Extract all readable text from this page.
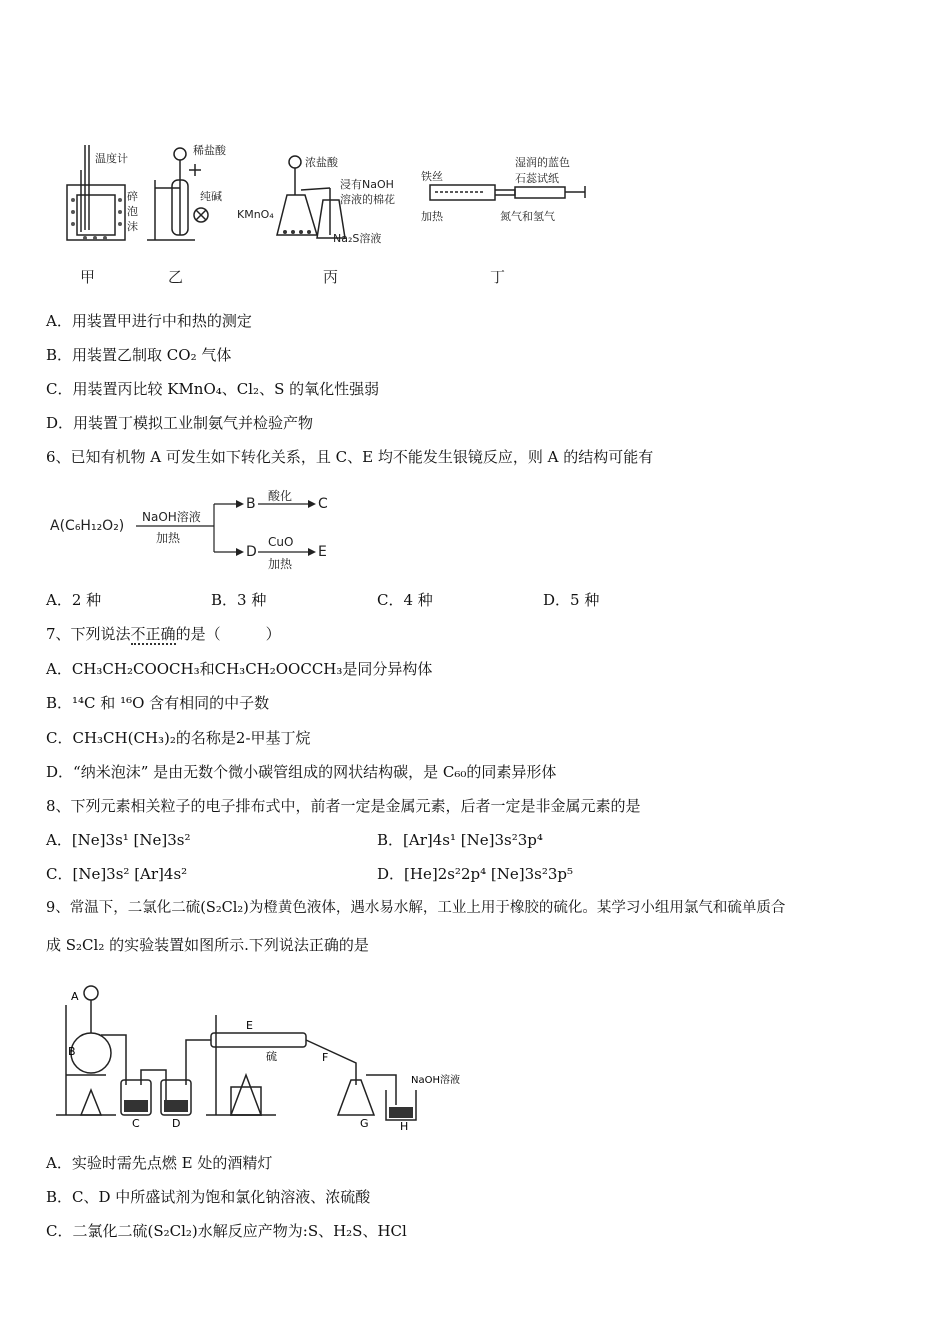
温度计
碎
泡
沫
稀盐酸
纯碱
浓盐酸
浸有NaOH
溶液的棉花
KMnO₄
Na₂S溶液
铁丝
加热
湿润的蓝色
石蕊试纸
氮气和氢气
甲	乙	丙	丁
A．用装置甲进行中和热的测定
B．用装置乙制取 CO₂ 气体
C．用装置丙比较 KMnO₄、Cl₂、S 的氧化性强弱
D．用装置丁模拟工业制氨气并检验产物
6、已知有机物 A 可发生如下转化关系，且 C、E 均不能发生银镜反应，则 A 的结构可能有
A(C₆H₁₂O₂)
NaOH溶液
加热
B 酸化 C
D
CuO
加热
E
A．2 种	B．3 种	C．4 种	D．5 种
7、下列说法不正确的是（　　　）
A．CH₃CH₂COOCH₃和CH₃CH₂OOCCH₃是同分异构体
B．¹⁴C 和 ¹⁶O 含有相同的中子数
C．CH₃CH(CH₃)₂的名称是2-甲基丁烷
D．“纳米泡沫” 是由无数个微小碳管组成的网状结构碳，是 C₆₀的同素异形体
8、下列元素相关粒子的电子排布式中，前者一定是金属元素，后者一定是非金属元素的是
A．[Ne]3s¹ [Ne]3s²	B．[Ar]4s¹ [Ne]3s²3p⁴
C．[Ne]3s² [Ar]4s²	D．[He]2s²2p⁴ [Ne]3s²3p⁵
9、常温下，二氯化二硫(S₂Cl₂)为橙黄色液体，遇水易水解，工业上用于橡胶的硫化。某学习小组用氯气和硫单质合
成 S₂Cl₂ 的实验装置如图所示.下列说法正确的是
A
B
C	D
E
F
G	H
硫
NaOH溶液
A．实验时需先点燃 E 处的酒精灯
B．C、D 中所盛试剂为饱和氯化钠溶液、浓硫酸
C．二氯化二硫(S₂Cl₂)水解反应产物为:S、H₂S、HCl
